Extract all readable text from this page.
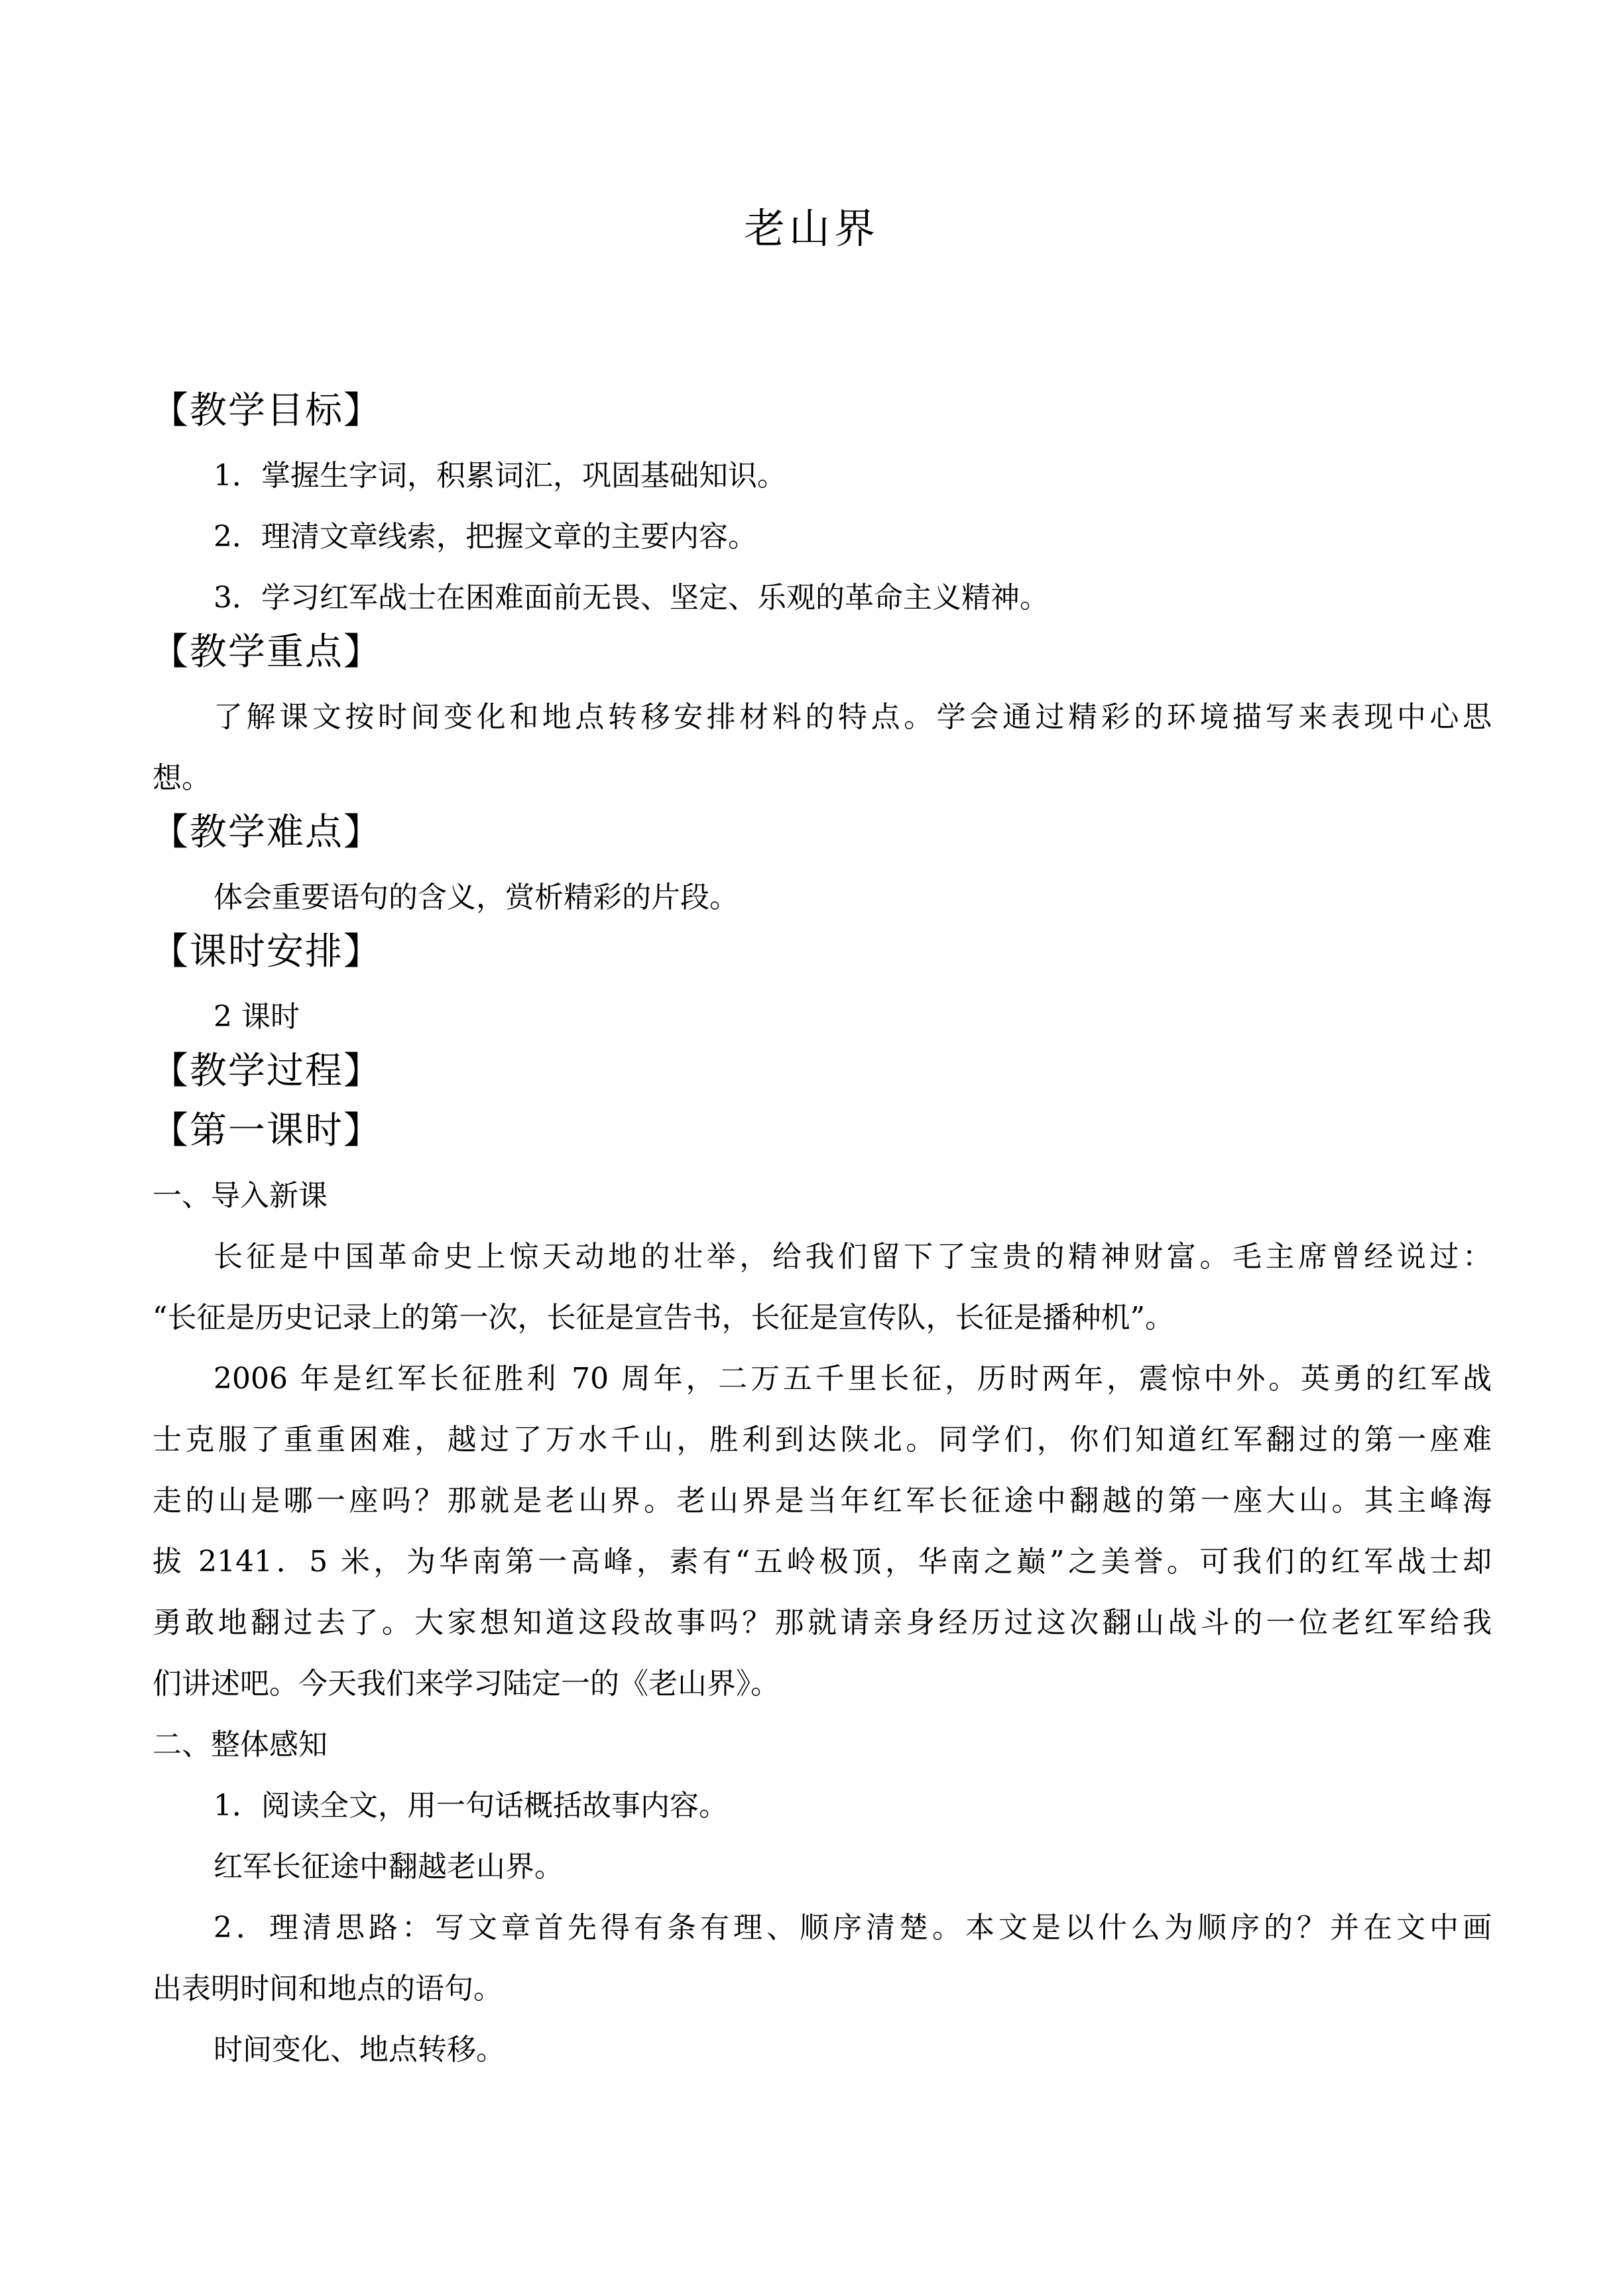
老山界
【教学目标】
1．掌握生字词，积累词汇，巩固基础知识。
2．理清文章线索，把握文章的主要内容。
3．学习红军战士在困难面前无畏、坚定、乐观的革命主义精神。
【教学重点】
了解课文按时间变化和地点转移安排材料的特点。学会通过精彩的环境描写来表现中心思
想。
【教学难点】
体会重要语句的含义，赏析精彩的片段。
【课时安排】
2 课时
【教学过程】
【第一课时】
一、导入新课
长征是中国革命史上惊天动地的壮举，给我们留下了宝贵的精神财富。毛主席曾经说过：
“长征是历史记录上的第一次，长征是宣告书，长征是宣传队，长征是播种机”。
2006 年是红军长征胜利 70 周年，二万五千里长征，历时两年，震惊中外。英勇的红军战
士克服了重重困难，越过了万水千山，胜利到达陕北。同学们，你们知道红军翻过的第一座难
走的山是哪一座吗？那就是老山界。老山界是当年红军长征途中翻越的第一座大山。其主峰海
拔 2141．5 米，为华南第一高峰，素有“五岭极顶，华南之巅”之美誉。可我们的红军战士却
勇敢地翻过去了。大家想知道这段故事吗？那就请亲身经历过这次翻山战斗的一位老红军给我
们讲述吧。今天我们来学习陆定一的《老山界》。
二、整体感知
1．阅读全文，用一句话概括故事内容。
红军长征途中翻越老山界。
2．理清思路：写文章首先得有条有理、顺序清楚。本文是以什么为顺序的？并在文中画
出表明时间和地点的语句。
时间变化、地点转移。
